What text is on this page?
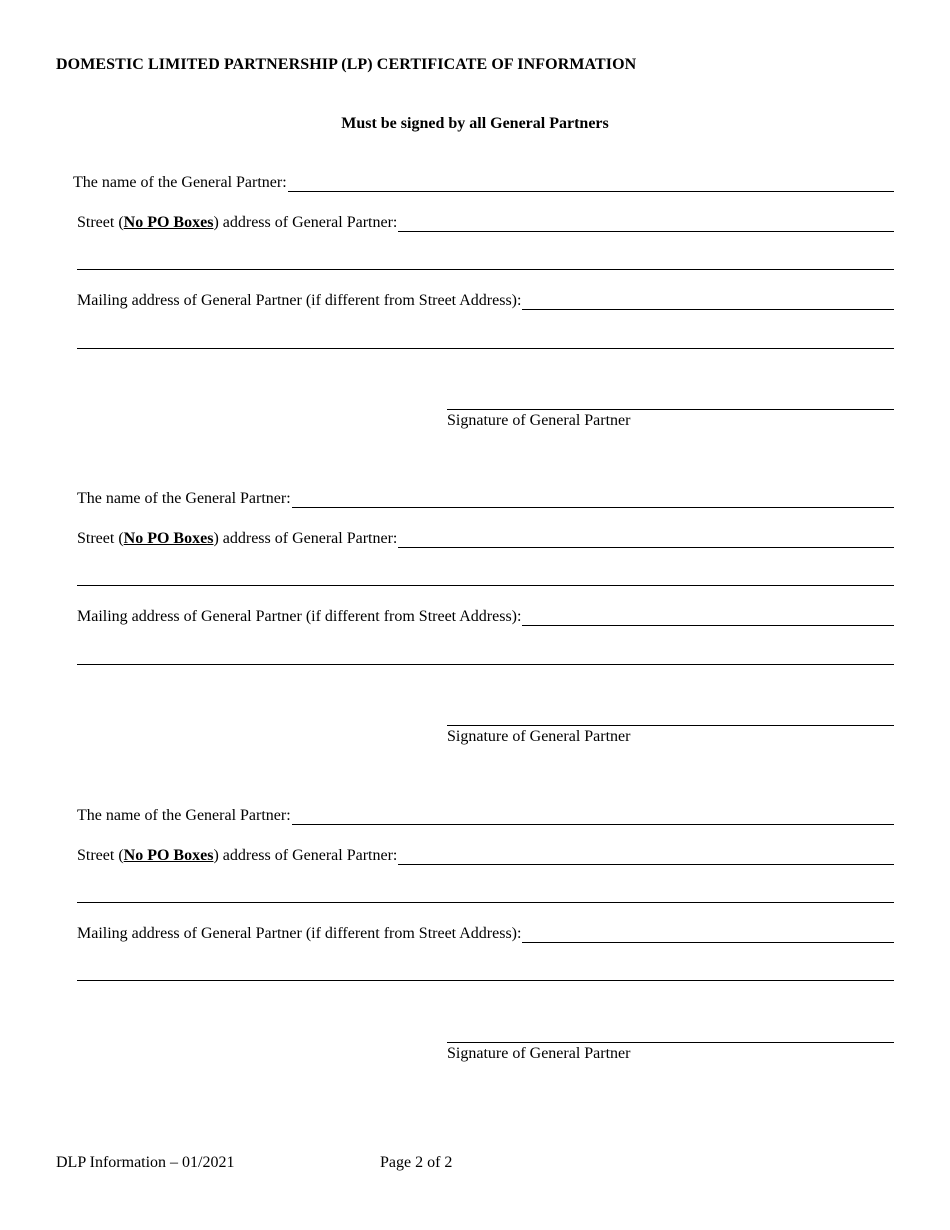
DOMESTIC LIMITED PARTNERSHIP (LP) CERTIFICATE OF INFORMATION
Must be signed by all General Partners
The name of the General Partner:
Street (No PO Boxes) address of General Partner:
Mailing address of General Partner (if different from Street Address):
Signature of General Partner
The name of the General Partner:
Street (No PO Boxes) address of General Partner:
Mailing address of General Partner (if different from Street Address):
Signature of General Partner
The name of the General Partner:
Street (No PO Boxes) address of General Partner:
Mailing address of General Partner (if different from Street Address):
Signature of General Partner
DLP Information – 01/2021	Page 2 of 2
